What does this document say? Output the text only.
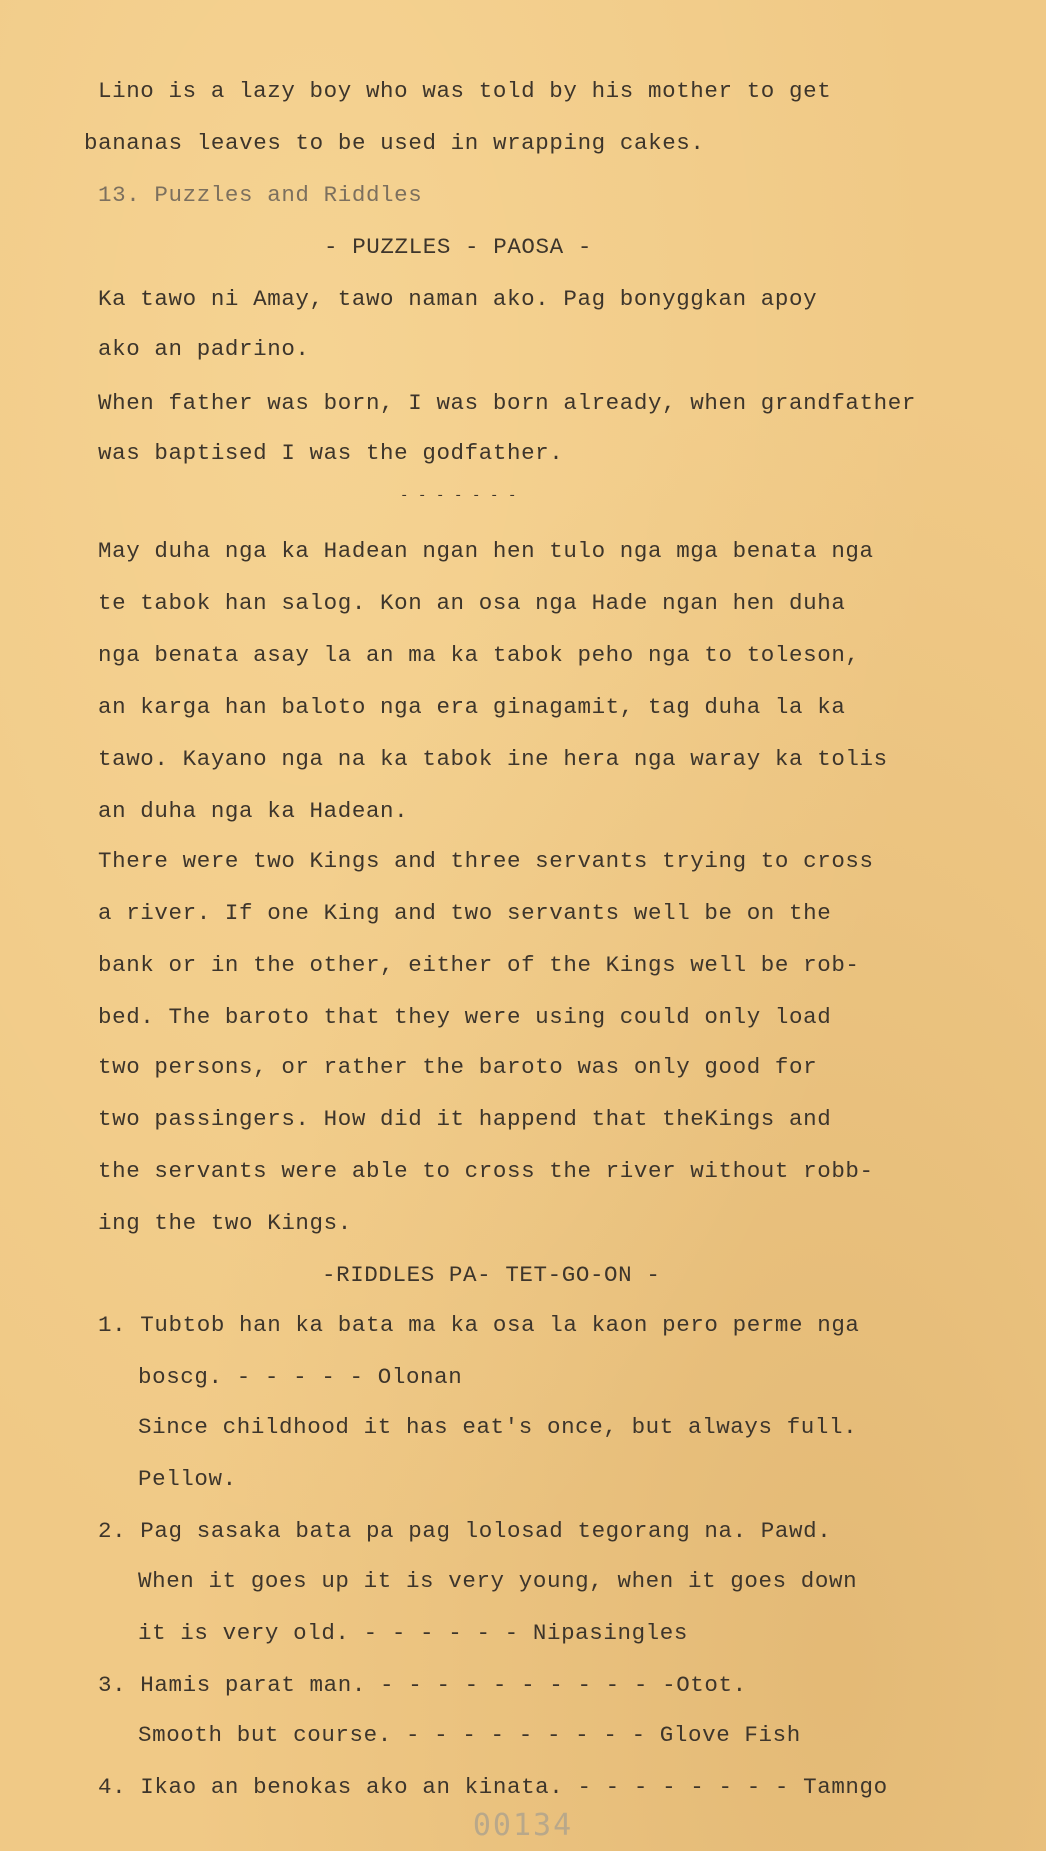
Lino is a lazy boy who was told by his mother to get
bananas leaves to be used in wrapping cakes.
13. Puzzles and Riddles
- PUZZLES - PAOSA -
Ka tawo ni Amay, tawo naman ako. Pag bonyggkan apoy
ako an padrino.
When father was born, I was born already, when grandfather
was baptised I was the godfather.
- - - - - - -
May duha nga ka Hadean ngan hen tulo nga mga benata nga
te tabok han salog. Kon an osa nga Hade ngan hen duha
nga benata asay la an ma ka tabok peho nga to toleson,
an karga han baloto nga era ginagamit, tag duha la ka
tawo. Kayano nga na ka tabok ine hera nga waray ka tolis
an duha nga ka Hadean.
There were two Kings and three servants trying to cross
a river. If one King and two servants well be on the
bank or in the other, either of the Kings well be rob-
bed. The baroto that they were using could only load
two persons, or rather the baroto was only good for
two passingers. How did it happend that theKings and
the servants were able to cross the river without robb-
ing the two Kings.
-RIDDLES PA- TET-GO-ON -
1. Tubtob han ka bata ma ka osa la kaon pero perme nga
boscg. - - - - - Olonan
Since childhood it has eat's once, but always full.
Pellow.
2. Pag sasaka bata pa pag lolosad tegorang na. Pawd.
When it goes up it is very young, when it goes down
it is very old. - - - - - - Nipasingles
3. Hamis parat man. - - - - - - - - - - -Otot.
Smooth but course. - - - - - - - - - Glove Fish
4. Ikao an benokas ako an kinata. - - - - - - - - Tamngo
00134
